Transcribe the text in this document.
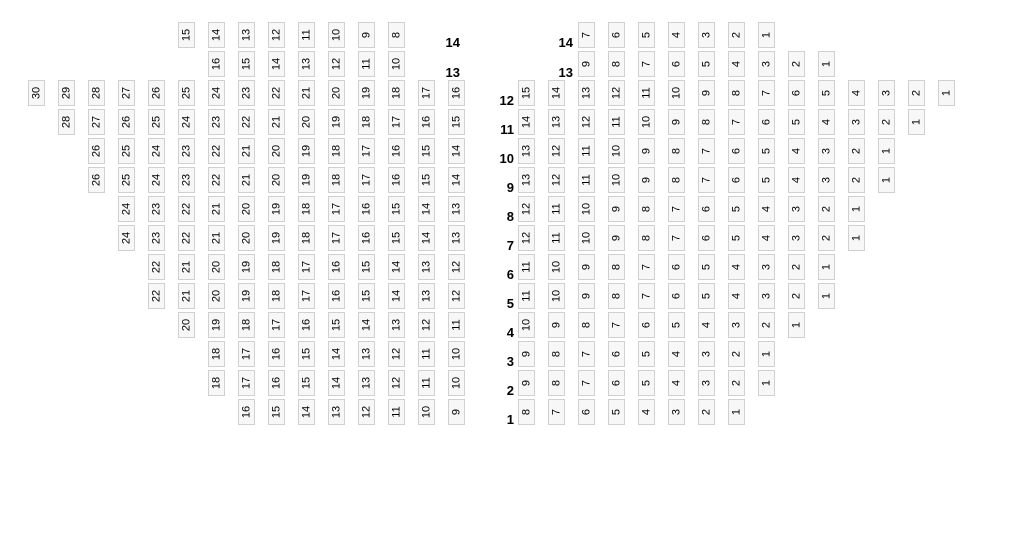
15 14 13 12 11 10 9 8
16 15 14 13 12 11 10
30 29 28 27 26 25 24 23 22 21 20 19 18 17 16
28 27 26 25 24 23 22 21 20 19 18 17 16 15
26 25 24 23 22 21 20 19 18 17 16 15 14
26 25 24 23 22 21 20 19 18 17 16 15 14
24 23 22 21 20 19 18 17 16 15 14 13
24 23 22 21 20 19 18 17 16 15 14 13
22 21 20 19 18 17 16 15 14 13 12
22 21 20 19 18 17 16 15 14 13 12
20 19 18 17 16 15 14 13 12 11
18 17 16 15 14 13 12 11 10
18 17 16 15 14 13 12 11 10
16 15 14 13 12 11 10 9
7 6 5 4 3 2 1
9 8 7 6 5 4 3 2 1
15 14 13 12 11 10 9 8 7 6 5 4 3 2 1
14 13 12 11 10 9 8 7 6 5 4 3 2 1
13 12 11 10 9 8 7 6 5 4 3 2 1
13 12 11 10 9 8 7 6 5 4 3 2 1
12 11 10 9 8 7 6 5 4 3 2 1
12 11 10 9 8 7 6 5 4 3 2 1
11 10 9 8 7 6 5 4 3 2 1
11 10 9 8 7 6 5 4 3 2 1
10 9 8 7 6 5 4 3 2 1
9 8 7 6 5 4 3 2 1
9 8 7 6 5 4 3 2 1
8 7 6 5 4 3 2 1
14
13
12
11
10
9
8
7
6
5
4
3
2
1
14
13
